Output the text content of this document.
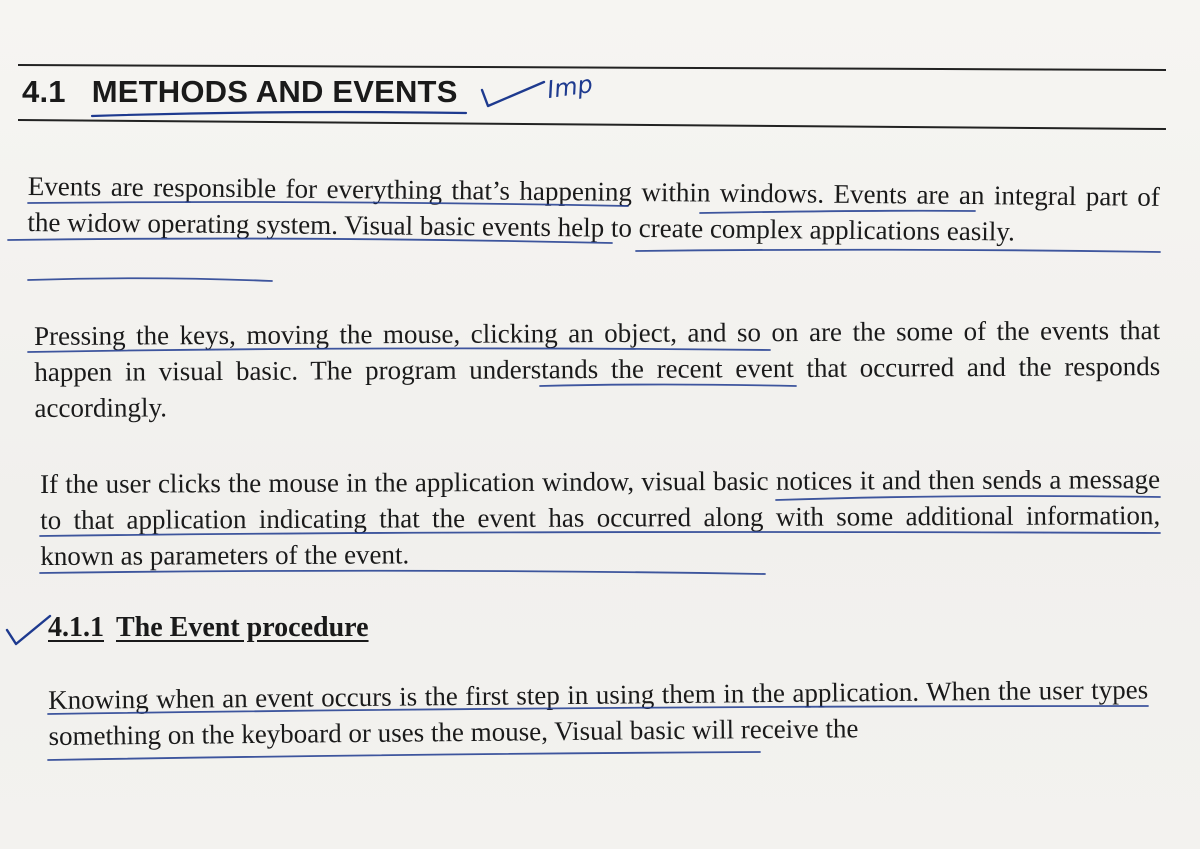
4.1 METHODS AND EVENTS	Imp
Events are responsible for everything that’s happening within windows. Events are an integral part of the widow operating system. Visual basic events help to create complex applications easily.
Pressing the keys, moving the mouse, clicking an object, and so on are the some of the events that happen in visual basic. The program understands the recent event that occurred and the responds accordingly.
If the user clicks the mouse in the application window, visual basic notices it and then sends a message to that application indicating that the event has occurred along with some additional information, known as parameters of the event.
4.1.1 The Event procedure
Knowing when an event occurs is the first step in using them in the application. When the user types something on the keyboard or uses the mouse, Visual basic will receive the
